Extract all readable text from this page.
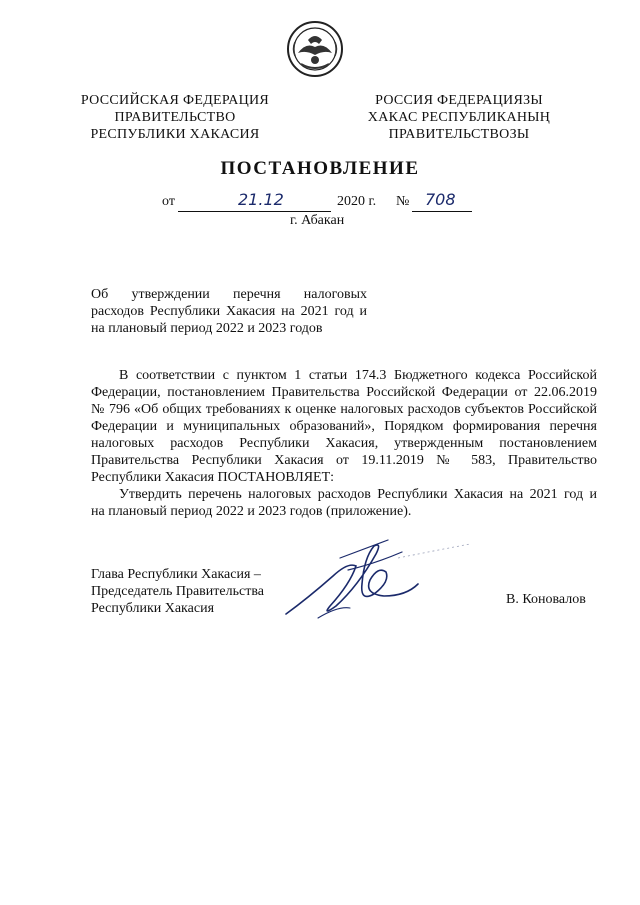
РОССИЙСКАЯ ФЕДЕРАЦИЯ
ПРАВИТЕЛЬСТВО
РЕСПУБЛИКИ ХАКАСИЯ
РОССИЯ ФЕДЕРАЦИЯЗЫ
ХАКАС РЕСПУБЛИКАНЫҢ
ПРАВИТЕЛЬСТВОЗЫ
ПОСТАНОВЛЕНИЕ
от	21.12	2020 г. № 708
г. Абакан
Об утверждении перечня налоговых
расходов Республики Хакасия на 2021 год и
на плановый период 2022 и 2023 годов
В соответствии с пунктом 1 статьи 174.3 Бюджетного кодекса Российской
Федерации, постановлением Правительства Российской Федерации от 22.06.2019
№ 796 «Об общих требованиях к оценке налоговых расходов субъектов Российской
Федерации и муниципальных образований», Порядком формирования перечня
налоговых расходов Республики Хакасия, утвержденным постановлением
Правительства Республики Хакасия от 19.11.2019 № 583, Правительство
Республики Хакасия ПОСТАНОВЛЯЕТ:
Утвердить перечень налоговых расходов Республики Хакасия на 2021 год и
на плановый период 2022 и 2023 годов (приложение).
Глава Республики Хакасия –
Председатель Правительства
Республики Хакасия
В. Коновалов
